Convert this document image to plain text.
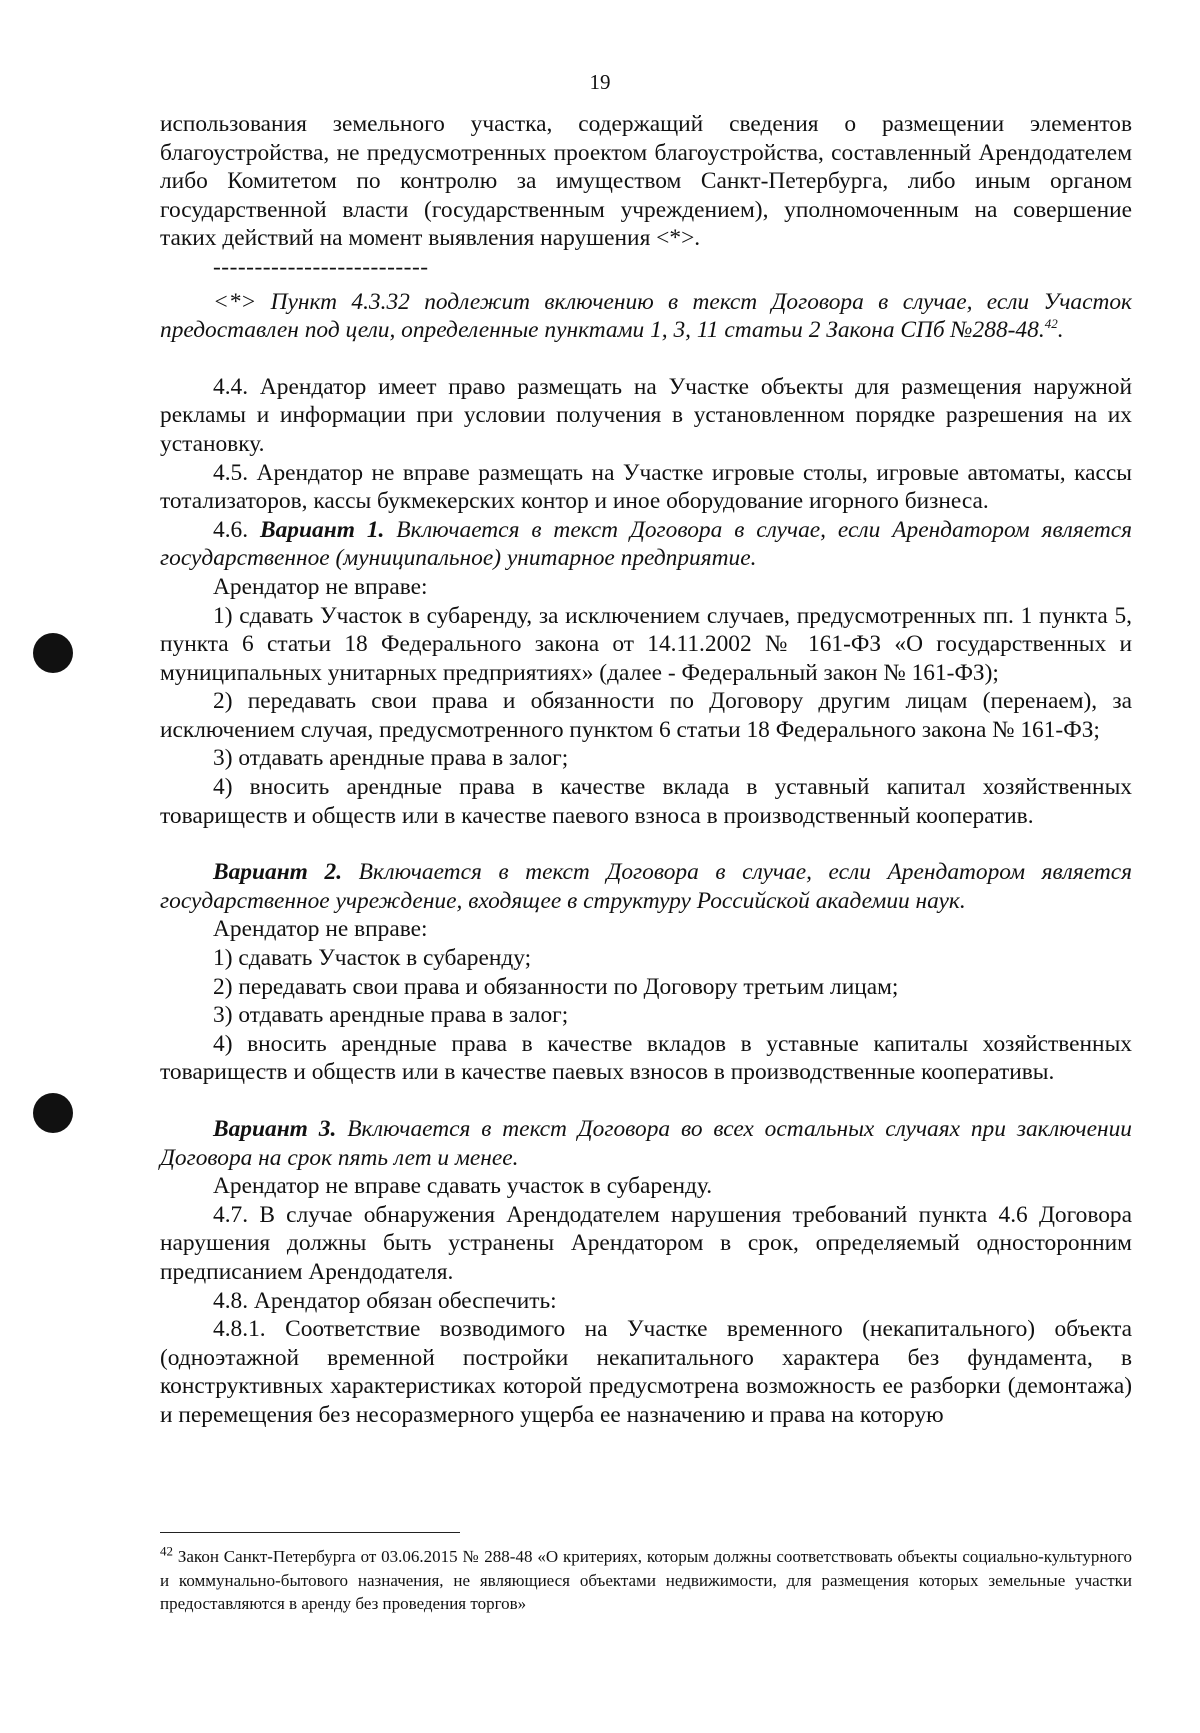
19

использования земельного участка, содержащий сведения о размещении элементов благоустройства, не предусмотренных проектом благоустройства, составленный Арендодателем либо Комитетом по контролю за имуществом Санкт-Петербурга, либо иным органом государственной власти (государственным учреждением), уполномоченным на совершение таких действий на момент выявления нарушения <*>.

--------------------------

<*> Пункт 4.3.32 подлежит включению в текст Договора в случае, если Участок предоставлен под цели, определенные пунктами 1, 3, 11 статьи 2 Закона СПб №288-48.42.

4.4. Арендатор имеет право размещать на Участке объекты для размещения наружной рекламы и информации при условии получения в установленном порядке разрешения на их установку.

4.5. Арендатор не вправе размещать на Участке игровые столы, игровые автоматы, кассы тотализаторов, кассы букмекерских контор и иное оборудование игорного бизнеса.

4.6. Вариант 1. Включается в текст Договора в случае, если Арендатором является государственное (муниципальное) унитарное предприятие.

Арендатор не вправе:

1) сдавать Участок в субаренду, за исключением случаев, предусмотренных пп. 1 пункта 5, пункта 6 статьи 18 Федерального закона от 14.11.2002 № 161-ФЗ «О государственных и муниципальных унитарных предприятиях» (далее - Федеральный закон № 161-ФЗ);

2) передавать свои права и обязанности по Договору другим лицам (перенаем), за исключением случая, предусмотренного пунктом 6 статьи 18 Федерального закона № 161-ФЗ;

3) отдавать арендные права в залог;

4) вносить арендные права в качестве вклада в уставный капитал хозяйственных товариществ и обществ или в качестве паевого взноса в производственный кооператив.

Вариант 2. Включается в текст Договора в случае, если Арендатором является государственное учреждение, входящее в структуру Российской академии наук.

Арендатор не вправе:

1) сдавать Участок в субаренду;

2) передавать свои права и обязанности по Договору третьим лицам;

3) отдавать арендные права в залог;

4) вносить арендные права в качестве вкладов в уставные капиталы хозяйственных товариществ и обществ или в качестве паевых взносов в производственные кооперативы.

Вариант 3. Включается в текст Договора во всех остальных случаях при заключении Договора на срок пять лет и менее.

Арендатор не вправе сдавать участок в субаренду.

4.7. В случае обнаружения Арендодателем нарушения требований пункта 4.6 Договора нарушения должны быть устранены Арендатором в срок, определяемый односторонним предписанием Арендодателя.

4.8. Арендатор обязан обеспечить:

4.8.1. Соответствие возводимого на Участке временного (некапитального) объекта (одноэтажной временной постройки некапитального характера без фундамента, в конструктивных характеристиках которой предусмотрена возможность ее разборки (демонтажа) и перемещения без несоразмерного ущерба ее назначению и права на которую

$^{42}$ Закон Санкт-Петербурга от 03.06.2015 № 288-48 «О критериях, которым должны соответствовать объекты социально-культурного и коммунально-бытового назначения, не являющиеся объектами недвижимости, для размещения которых земельные участки предоставляются в аренду без проведения торгов»
